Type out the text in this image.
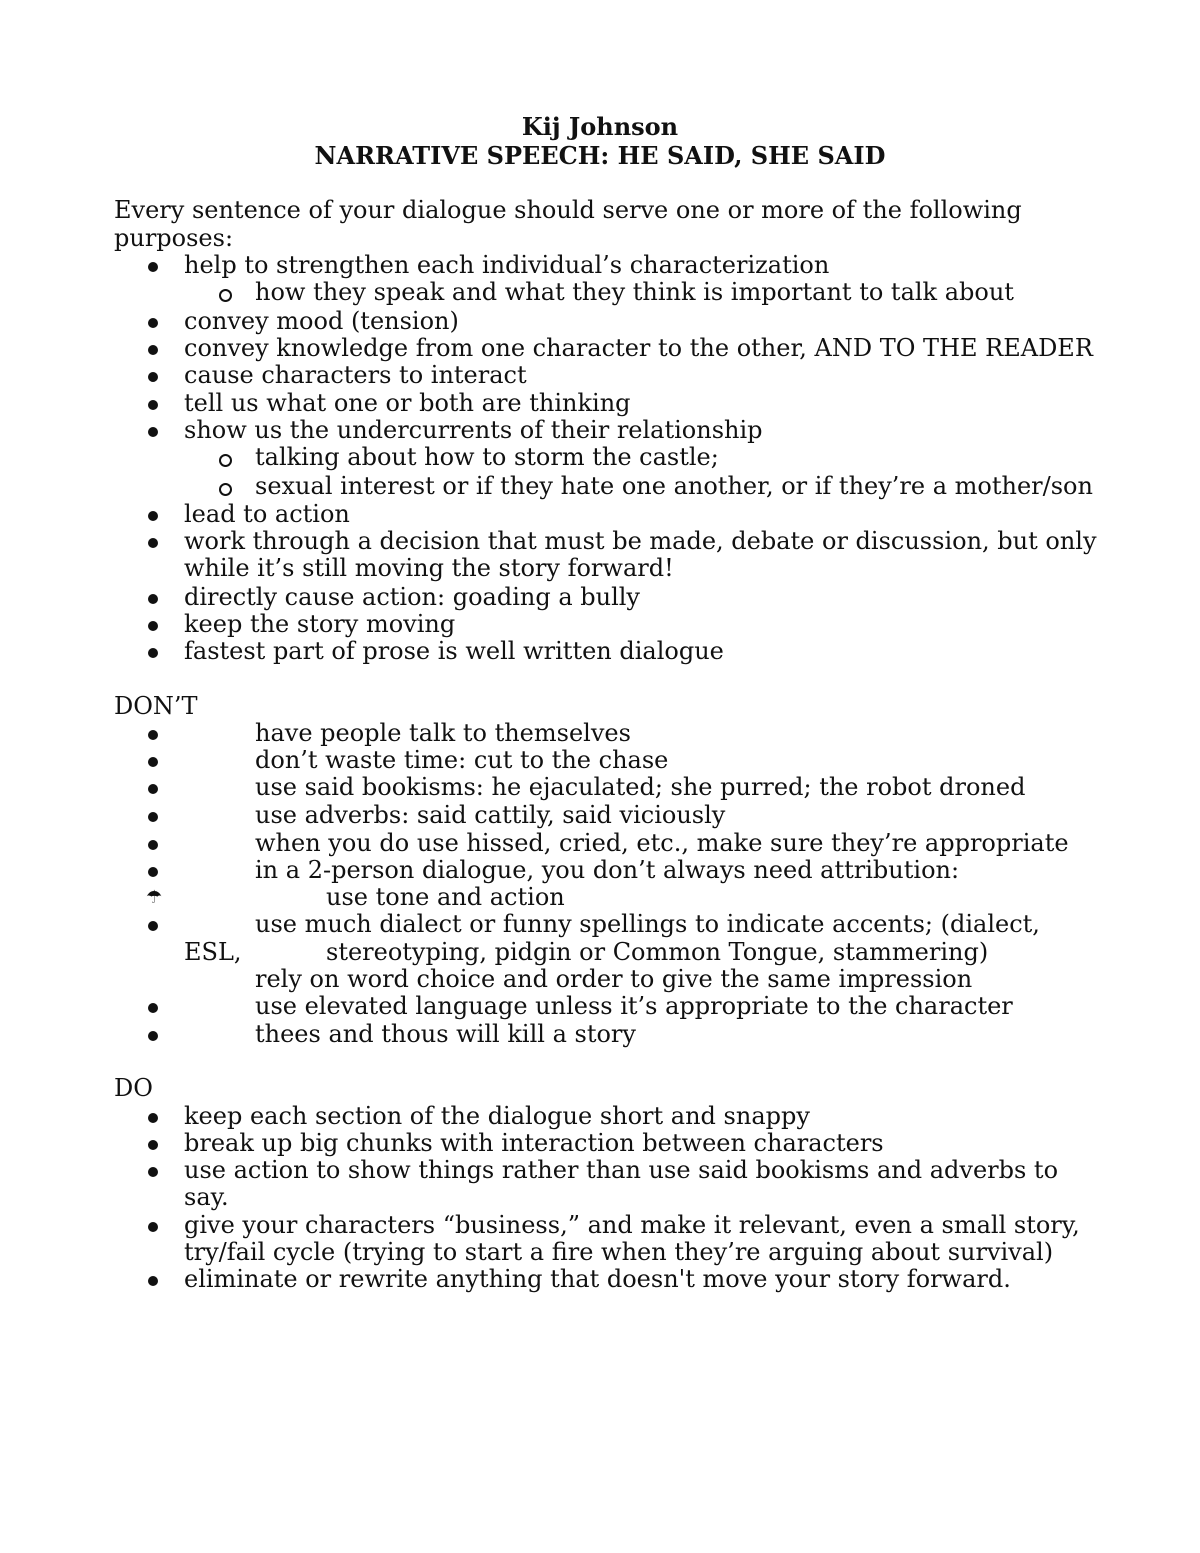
Kij Johnson
NARRATIVE SPEECH: HE SAID, SHE SAID
Every sentence of your dialogue should serve one or more of the following
purposes:
help to strengthen each individual’s characterization
how they speak and what they think is important to talk about
convey mood (tension)
convey knowledge from one character to the other, AND TO THE READER
cause characters to interact
tell us what one or both are thinking
show us the undercurrents of their relationship
talking about how to storm the castle;
sexual interest or if they hate one another, or if they’re a mother/son
lead to action
work through a decision that must be made, debate or discussion, but only
while it’s still moving the story forward!
directly cause action: goading a bully
keep the story moving
fastest part of prose is well written dialogue
DON’T
have people talk to themselves
don’t waste time: cut to the chase
use said bookisms: he ejaculated; she purred; the robot droned
use adverbs: said cattily, said viciously
when you do use hissed, cried, etc., make sure they’re appropriate
in a 2-person dialogue, you don’t always need attribution:
☂	use tone and action
use much dialect or funny spellings to indicate accents; (dialect,
ESL,	stereotyping, pidgin or Common Tongue, stammering)
rely on word choice and order to give the same impression
use elevated language unless it’s appropriate to the character
thees and thous will kill a story
DO
keep each section of the dialogue short and snappy
break up big chunks with interaction between characters
use action to show things rather than use said bookisms and adverbs to
say.
give your characters “business,” and make it relevant, even a small story,
try/fail cycle (trying to start a fire when they’re arguing about survival)
eliminate or rewrite anything that doesn't move your story forward.
